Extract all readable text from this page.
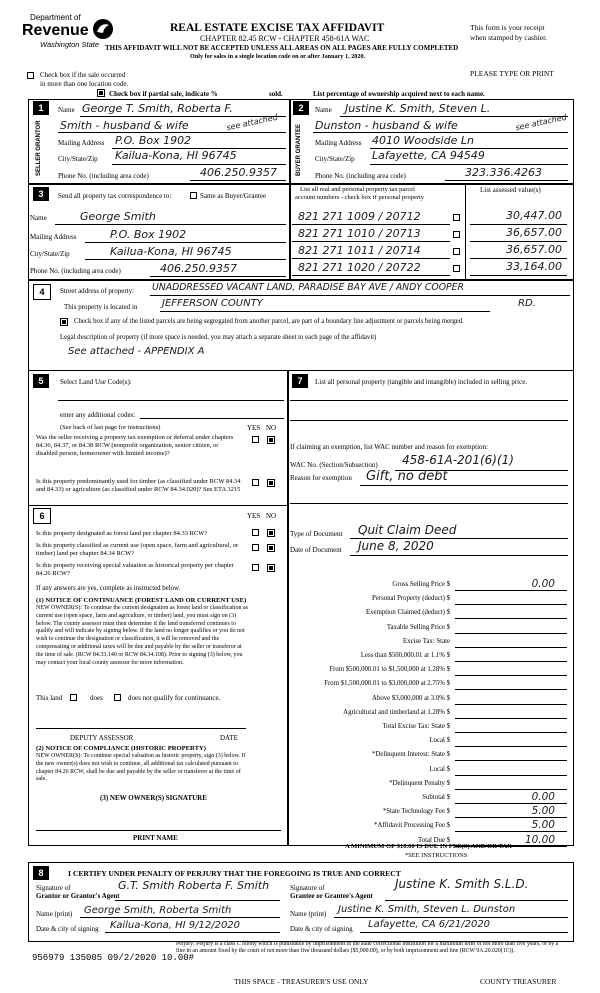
Department of
Revenue
Washington State
REAL ESTATE EXCISE TAX AFFIDAVIT
CHAPTER 82.45 RCW - CHAPTER 458-61A WAC
THIS AFFIDAVIT WILL NOT BE ACCEPTED UNLESS ALL AREAS ON ALL PAGES ARE FULLY COMPLETED
Only for sales in a single location code on or after January 1, 2020.
This form is your receipt
when stamped by cashier.
PLEASE TYPE OR PRINT
Check box if the sale occurred
in more than one location code.
Check box if partial sale, indicate %	sold.	List percentage of ownership acquired next to each name.
1
SELLER GRANTOR
Name George T. Smith, Roberta F.
Smith - husband & wife	see attached
Mailing Address P.O. Box 1902
City/State/Zip Kailua-Kona, HI 96745
Phone No. (including area code)	406.250.9357
2
BUYER GRANTEE
Name Justine K. Smith, Steven L.
Dunston - husband & wife	see attached
Mailing Address 4010 Woodside Ln
City/State/Zip Lafayette, CA 94549
Phone No. (including area code)	323.336.4263
3	Send all property tax correspondence to:	Same as Buyer/Grantee
Name	George Smith
Mailing Address	P.O. Box 1902
City/State/Zip	Kailua-Kona, HI 96745
Phone No. (including area code)	406.250.9357
List all real and personal property tax parcel
account numbers - check box if personal property
List assessed value(s)
821 271 1009 / 20712	30,447.00
821 271 1010 / 20713	36,657.00
821 271 1011 / 20714	36,657.00
821 271 1020 / 20722	33,164.00
4	Street address of property: UNADDRESSED VACANT LAND, PARADISE BAY AVE / ANDY COOPER
This property is located in JEFFERSON COUNTY	RD.
Check box if any of the listed parcels are being segregated from another parcel, are part of a boundary line adjustment or parcels being merged.
Legal description of property (if more space is needed, you may attach a separate sheet to each page of the affidavit)
See attached - APPENDIX A
5	Select Land Use Code(s):
enter any additional codes:
(See back of last page for instructions)	YES NO
Was the seller receiving a property tax exemption or deferral under chapters 84.36, 84.37, or 84.38 RCW (nonprofit organization, senior citizen, or disabled person, homeowner with limited income)?
Is this property predominantly used for timber (as classified under RCW 84.34 and 84.33) or agriculture (as classified under RCW 84.34.020)? See ETA 3215
6	YES NO
Is this property designated as forest land per chapter 84.33 RCW?
Is this property classified as current use (open space, farm and agricultural, or timber) land per chapter 84.34 RCW?
Is this property receiving special valuation as historical property per chapter 84.26 RCW?
If any answers are yes, complete as instructed below.
(1) NOTICE OF CONTINUANCE (FOREST LAND OR CURRENT USE)
NEW OWNER(S): To continue the current designation as forest land or classification as current use (open space, farm and agriculture, or timber) land, you must sign on (3) below. The county assessor must then determine if the land transferred continues to qualify and will indicate by signing below. If the land no longer qualifies or you do not wish to continue the designation or classification, it will be removed and the compensating or additional taxes will be due and payable by the seller or transferor at the time of sale. (RCW 84.33.140 or RCW 84.34.108). Prior to signing (3) below, you may contact your local county assessor for more information.
This land	does	does not qualify for continuance.
DEPUTY ASSESSOR	DATE
(2) NOTICE OF COMPLIANCE (HISTORIC PROPERTY)
NEW OWNER(S): To continue special valuation as historic property, sign (3) below. If the new owner(s) does not wish to continue, all additional tax calculated pursuant to chapter 84.26 RCW, shall be due and payable by the seller or transferor at the time of sale.
(3) NEW OWNER(S) SIGNATURE
PRINT NAME
7	List all personal property (tangible and intangible) included in selling price.
If claiming an exemption, list WAC number and reason for exemption:
WAC No. (Section/Subsection) 458-61A-201(6)(1)
Reason for exemption Gift, no debt
Type of Document Quit Claim Deed
Date of Document June 8, 2020
Gross Selling Price $	0.00
Personal Property (deduct) $
Exemption Claimed (deduct) $
Taxable Selling Price $
Excise Tax: State
Less than $500,000.01 at 1.1% $
From $500,000.01 to $1,500,000 at 1.28% $
From $1,500,000.01 to $3,000,000 at 2.75% $
Above $3,000,000 at 3.0% $
Agricultural and timberland at 1.28% $
Total Excise Tax: State $
Local $
*Delinquent Interest: State $
Local $
*Delinquent Penalty $
Subtotal $	0.00
*State Technology Fee $	5.00
*Affidavit Processing Fee $	5.00
Total Due $	10.00
A MINIMUM OF $10.00 IS DUE IN FEE(S) AND/OR TAX
*SEE INSTRUCTIONS
8	I CERTIFY UNDER PENALTY OF PERJURY THAT THE FOREGOING IS TRUE AND CORRECT
Signature of
Grantor or Grantor's Agent
G.T. Smith Roberta F. Smith	Signature of
Grantee or Grantee's Agent
Justine K. Smith S.L.D.
Name (print) George Smith, Roberta Smith	Name (print) Justine K. Smith, Steven L. Dunston
Date & city of signing Kailua-Kona, HI 9/12/2020	Date & city of signing Lafayette, CA 6/21/2020
Perjury: Perjury is a class C felony which is punishable by imprisonment in the state correctional institution for a maximum term of not more than five years, or by a fine in an amount fixed by the court of not more than five thousand dollars ($5,000.00), or by both imprisonment and fine (RCW 9A.20.020(1C)).
956979 135005 09/2/2020 10.00#
THIS SPACE - TREASURER'S USE ONLY	COUNTY TREASURER
